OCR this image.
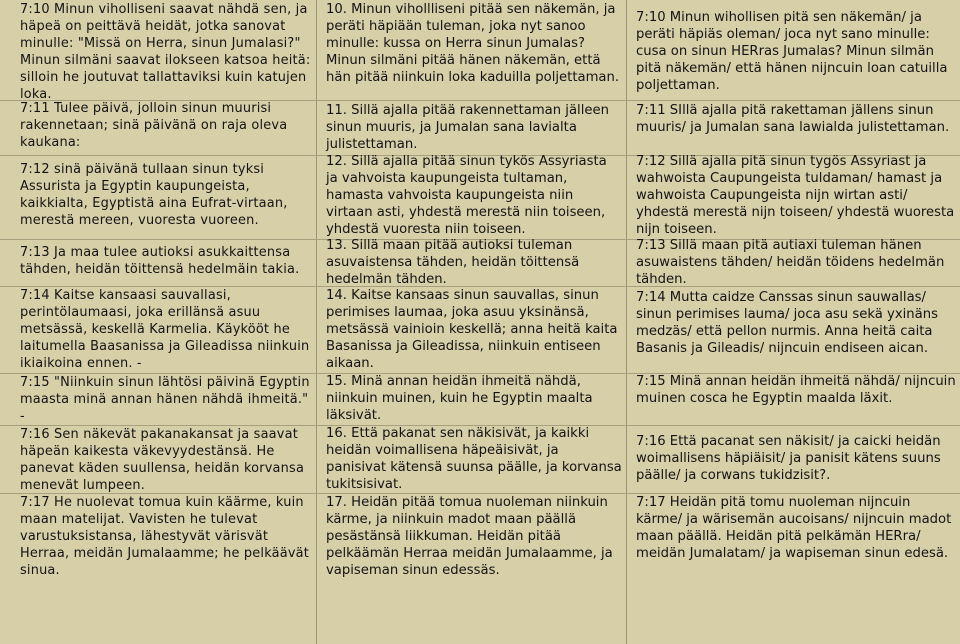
7:10 Minun viholliseni saavat nähdä sen, ja häpeä on peittävä heidät, jotka sanovat minulle: "Missä on Herra, sinun Jumalasi?" Minun silmäni saavat ilokseen katsoa heitä: silloin he joutuvat tallattaviksi kuin katujen loka.

7:11 Tulee päivä, jolloin sinun muurisi rakennetaan; sinä päivänä on raja oleva kaukana:

7:12 sinä päivänä tullaan sinun tyksi Assurista ja Egyptin kaupungeista, kaikkialta, Egyptistä aina Eufrat-virtaan, merestä mereen, vuoresta vuoreen.

7:13 Ja maa tulee autioksi asukkaittensa tähden, heidän töittensä hedelmäin takia.

7:14 Kaitse kansaasi sauvallasi, perintölaumaasi, joka erillänsä asuu metsässä, keskellä Karmelia. Käykööt he laitumella Baasanissa ja Gileadissa niinkuin ikiaikoina ennen. -

7:15 "Niinkuin sinun lähtösi päivinä Egyptin maasta minä annan hänen nähdä ihmeitä." -

7:16 Sen näkevät pakanakansat ja saavat häpeän kaikesta väkevyydestänsä. He panevat käden suullensa, heidän korvansa menevät lumpeen.

7:17 He nuolevat tomua kuin käärme, kuin maan matelijat. Vavisten he tulevat varustuksistansa, lähestyvät värisvät Herraa, meidän Jumalaamme; he pelkäävät sinua.

10. Minun vihollliseni pitää sen näkemän, ja peräti häpiään tuleman, joka nyt sanoo minulle: kussa on Herra sinun Jumalas? Minun silmäni pitää hänen näkemän, että hän pitää niinkuin loka kaduilla poljettaman.

11. Sillä ajalla pitää rakennettaman jälleen sinun muuris, ja Jumalan sana lavialta julistettaman.

12. Sillä ajalla pitää sinun tykös Assyriasta ja vahvoista kaupungeista tultaman, hamasta vahvoista kaupungeista niin virtaan asti, yhdestä merestä niin toiseen, yhdestä vuoresta niin toiseen.

13. Sillä maan pitää autioksi tuleman asuvaistensa tähden, heidän töittensä hedelmän tähden.

14. Kaitse kansaas sinun sauvallas, sinun perimises laumaa, joka asuu yksinänsä, metsässä vainioin keskellä; anna heitä kaita Basanissa ja Gileadissa, niinkuin entiseen aikaan.

15. Minä annan heidän ihmeitä nähdä, niinkuin muinen, kuin he Egyptin maalta läksivät.

16. Että pakanat sen näkisivät, ja kaikki heidän voimallisena häpeäisivät, ja panisivat kätensä suunsa päälle, ja korvansa tukitsisivat.

17. Heidän pitää tomua nuoleman niinkuin kärme, ja niinkuin madot maan päällä pesästänsä liikkuman. Heidän pitää pelkäämän Herraa meidän Jumalaamme, ja vapiseman sinun edessäs.

7:10 Minun wihollisen pitä sen näkemän/ ja peräti häpiäs oleman/ joca nyt sano minulle: cusa on sinun HERras Jumalas? Minun silmän pitä näkemän/ että hänen nijncuin loan catuilla poljettaman.

7:11 SIllä ajalla pitä rakettaman jällens sinun muuris/ ja Jumalan sana lawialda julistettaman.

7:12 Sillä ajalla pitä sinun tygös Assyriast ja wahwoista Caupungeista tuldaman/ hamast ja wahwoista Caupungeista nijn wirtan asti/ yhdestä merestä nijn toiseen/ yhdestä wuoresta nijn toiseen.

7:13 Sillä maan pitä autiaxi tuleman hänen asuwaistens tähden/ heidän töidens hedelmän tähden.

7:14 Mutta caidze Canssas sinun sauwallas/ sinun perimises lauma/ joca asu sekä yxinäns medzäs/ että pellon nurmis. Anna heitä caita Basanis ja Gileadis/ nijncuin endiseen aican.

7:15 Minä annan heidän ihmeitä nähdä/ nijncuin muinen cosca he Egyptin maalda läxit.

7:16 Että pacanat sen näkisit/ ja caicki heidän woimallisens häpiäisit/ ja panisit kätens suuns päälle/ ja corwans tukidzisit?.

7:17 Heidän pitä tomu nuoleman nijncuin kärme/ ja wärisemän aucoisans/ nijncuin madot maan päällä. Heidän pitä pelkämän HERra/ meidän Jumalatam/ ja wapiseman sinun edesä.
